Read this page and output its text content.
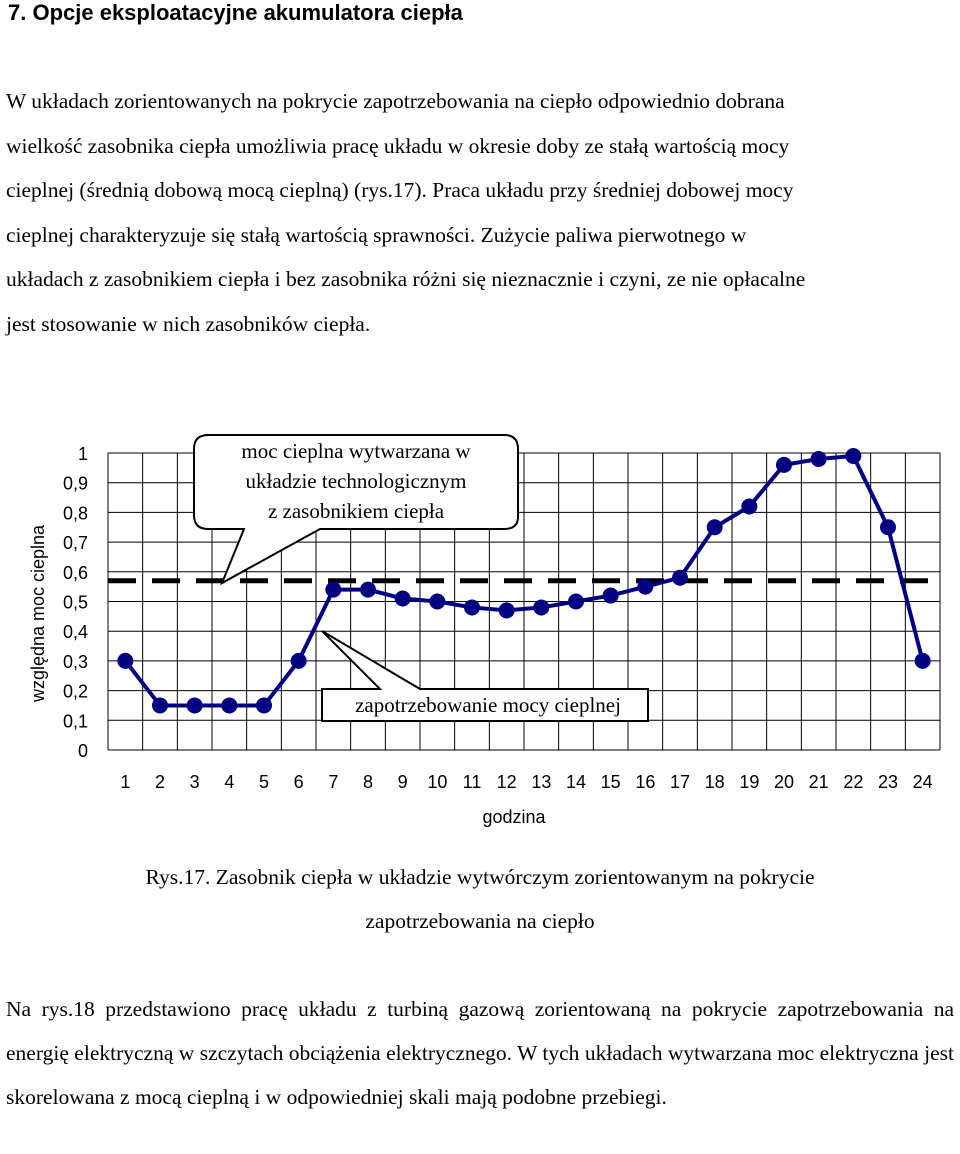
7. Opcje eksploatacyjne akumulatora ciepła
W układach zorientowanych na pokrycie zapotrzebowania na ciepło odpowiednio dobrana
wielkość zasobnika ciepła umożliwia pracę układu w okresie doby ze stałą wartością mocy
cieplnej (średnią dobową mocą cieplną) (rys.17). Praca układu przy średniej dobowej mocy
cieplnej charakteryzuje się stałą wartością sprawności. Zużycie paliwa pierwotnego w
układach z zasobnikiem ciepła i bez zasobnika różni się nieznacznie i czyni, ze nie opłacalne
jest stosowanie w nich zasobników ciepła.
0
0,1
0,2
0,3
0,4
0,5
0,6
0,7
0,8
0,9
1
1 2 3 4 5 6 7 8 9 10 11 12 13 14 15 16 17 18 19 20 21 22 23 24
względna moc cieplna
godzina
moc cieplna wytwarzana w
układzie technologicznym
z zasobnikiem ciepła
zapotrzebowanie mocy cieplnej
Rys.17. Zasobnik ciepła w układzie wytwórczym zorientowanym na pokrycie
zapotrzebowania na ciepło

Na rys.18 przedstawiono pracę układu z turbiną gazową zorientowaną na pokrycie zapotrzebowania na energię elektryczną w szczytach obciążenia elektrycznego. W tych układach wytwarzana moc elektryczna jest skorelowana z mocą cieplną i w odpowiedniej skali mają podobne przebiegi.
